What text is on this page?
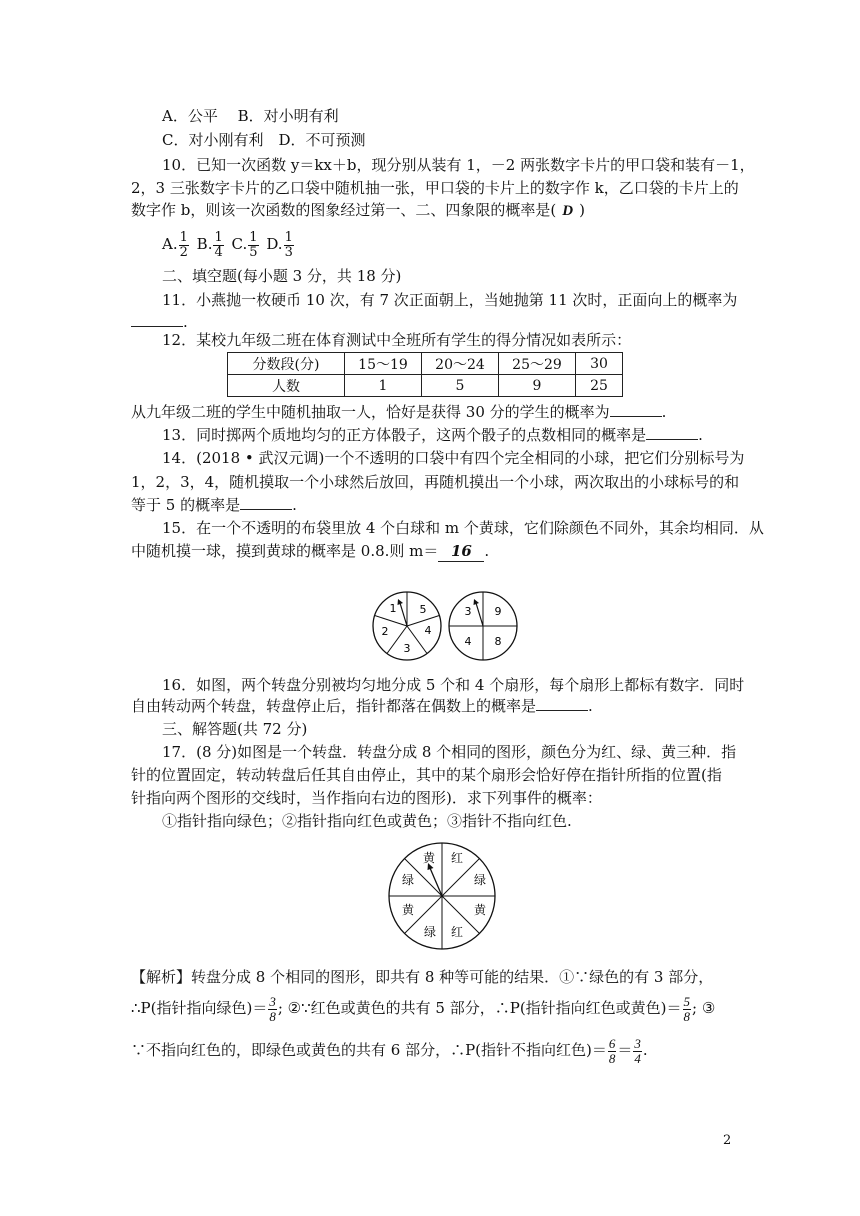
A．公平　 B．对小明有利
C．对小刚有利　D．不可预测
10．已知一次函数 y＝kx＋b，现分别从装有 1，－2 两张数字卡片的甲口袋和装有－1，
2，3 三张数字卡片的乙口袋中随机抽一张，甲口袋的卡片上的数字作 k，乙口袋的卡片上的
数字作 b，则该一次函数的图象经过第一、二、四象限的概率是( D )
A. $\frac{1}{2} B$. $\frac{1}{4} C$. $\frac{1}{5} D$. $\frac{1}{3}$
二、填空题(每小题 3 分，共 18 分)
11．小燕抛一枚硬币 10 次，有 7 次正面朝上，当她抛第 11 次时，正面向上的概率为
.
12．某校九年级二班在体育测试中全班所有学生的得分情况如表所示：
分数段(分)	15～19	20～24	25～29	30
人数	1	5	9	25
从九年级二班的学生中随机抽取一人，恰好是获得 30 分的学生的概率为	.
13．同时掷两个质地均匀的正方体骰子，这两个骰子的点数相同的概率是	.
14．(2018 • 武汉元调)一个不透明的口袋中有四个完全相同的小球，把它们分别标号为
1，2，3，4，随机摸取一个小球然后放回，再随机摸出一个小球，两次取出的小球标号的和
等于 5 的概率是	.
15．在一个不透明的布袋里放 4 个白球和 m 个黄球，它们除颜色不同外，其余均相同．从
中随机摸一球，摸到黄球的概率是 0.8.则 m＝ 16 .
1 5
4
3
2
3 9
8
4
16．如图，两个转盘分别被均匀地分成 5 个和 4 个扇形，每个扇形上都标有数字．同时
自由转动两个转盘，转盘停止后，指针都落在偶数上的概率是	.
三、解答题(共 72 分)
17．(8 分)如图是一个转盘．转盘分成 8 个相同的图形，颜色分为红、绿、黄三种．指
针的位置固定，转动转盘后任其自由停止，其中的某个扇形会恰好停在指针所指的位置(指
针指向两个图形的交线时，当作指向右边的图形)．求下列事件的概率：
①指针指向绿色；②指针指向红色或黄色；③指针不指向红色.
黄 红
绿
绿
黄	黄
绿 红
【解析】转盘分成 8 个相同的图形，即共有 8 种等可能的结果．①∵绿色的有 3 部分，
∴P(指针指向绿色)＝ $\frac{3}{8}$ ; ②∵红色或黄色的共有 5 部分，∴P(指针指向红色或黄色)＝ $\frac{5}{8}$ ; ③
∵不指向红色的，即绿色或黄色的共有 6 部分，∴P(指针不指向红色)＝ $\frac{6}{8} = \frac{3}{4}$ .
2
